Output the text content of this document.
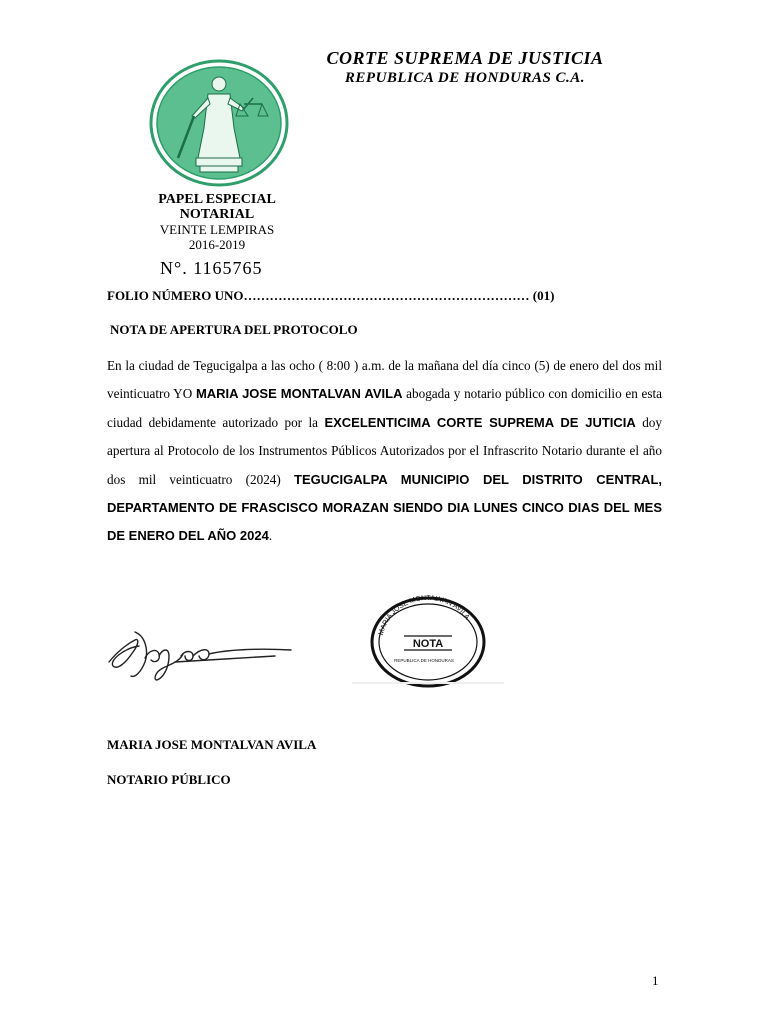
CORTE SUPREMA DE JUSTICIA
REPUBLICA DE HONDURAS C.A.
PAPEL ESPECIAL
NOTARIAL
VEINTE LEMPIRAS
2016-2019
N°. 1165765
FOLIO NÚMERO UNO………………………………………………………… (01)
NOTA DE APERTURA DEL PROTOCOLO
En la ciudad de Tegucigalpa a las ocho ( 8:00 ) a.m. de la mañana del día cinco (5) de enero del dos mil veinticuatro YO MARIA JOSE MONTALVAN AVILA abogada y notario público con domicilio en esta ciudad debidamente autorizado por la EXCELENTICIMA CORTE SUPREMA DE JUTICIA doy apertura al Protocolo de los Instrumentos Públicos Autorizados por el Infrascrito Notario durante el año dos mil veinticuatro (2024) TEGUCIGALPA MUNICIPIO DEL DISTRITO CENTRAL, DEPARTAMENTO DE FRASCISCO MORAZAN SIENDO DIA LUNES CINCO DIAS DEL MES DE ENERO DEL AÑO 2024.
MARIA JOSE MONTALVAN AVILA
NOTA
REPUBLICA DE HONDURAS
MARIA JOSE MONTALVAN AVILA
NOTARIO PÚBLICO
1
